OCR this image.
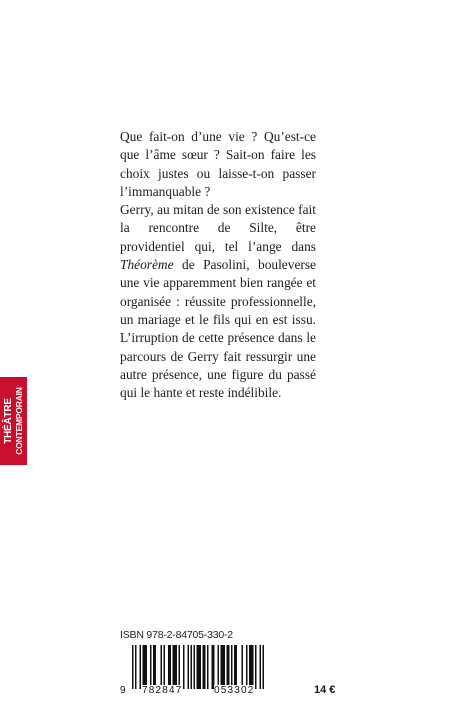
Que fait-on d’une vie ? Qu’est-ce que l’âme sœur ? Sait-on faire les choix justes ou laisse-t-on passer l’immanquable ?

Gerry, au mitan de son existence fait la rencontre de Silte, être providentiel qui, tel l’ange dans Théorème de Pasolini, bouleverse une vie apparemment bien rangée et organisée : réussite professionnelle, un mariage et le fils qui en est issu. L’irruption de cette présence dans le parcours de Gerry fait ressurgir une autre présence, une figure du passé qui le hante et reste indélibile.

THÉÂTRE CONTEMPORAIN
ISBN 978-2-84705-330-2
9 782847	053302	14 €
